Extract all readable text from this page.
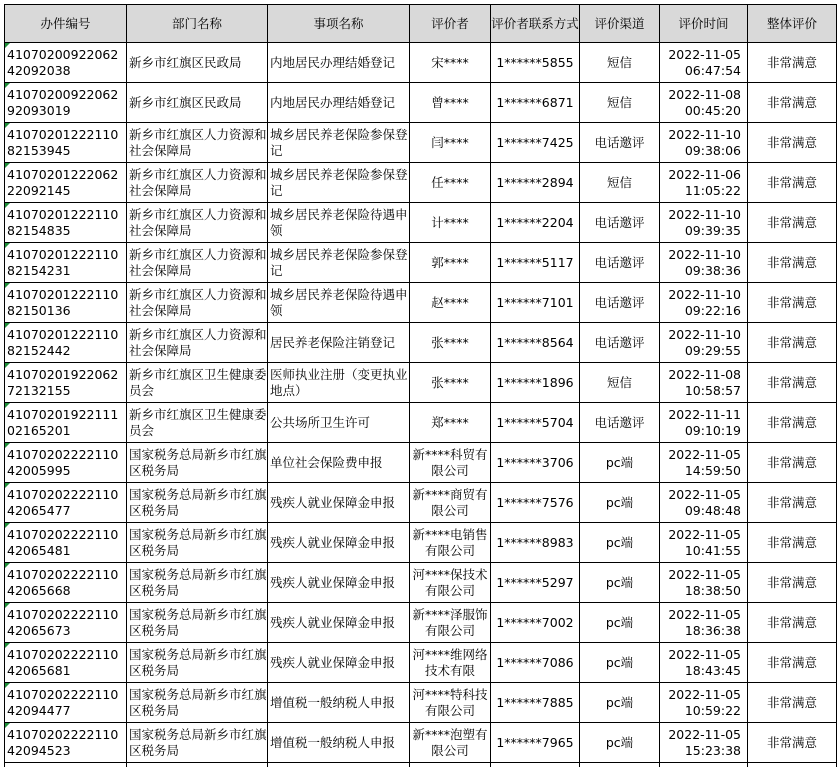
办件编号	部门名称	事项名称	评价者	评价者联系方式	评价渠道	评价时间	整体评价
4107020092206242092038	新乡市红旗区民政局	内地居民办理结婚登记	宋****	1******5855	短信	2022-11-05 06:47:54	非常满意
4107020092206292093019	新乡市红旗区民政局	内地居民办理结婚登记	曾****	1******6871	短信	2022-11-08 00:45:20	非常满意
4107020122211082153945	新乡市红旗区人力资源和社会保障局	城乡居民养老保险参保登记	闫****	1******7425	电话邀评	2022-11-10 09:38:06	非常满意
4107020122206222092145	新乡市红旗区人力资源和社会保障局	城乡居民养老保险参保登记	任****	1******2894	短信	2022-11-06 11:05:22	非常满意
4107020122211082154835	新乡市红旗区人力资源和社会保障局	城乡居民养老保险待遇申领	计****	1******2204	电话邀评	2022-11-10 09:39:35	非常满意
4107020122211082154231	新乡市红旗区人力资源和社会保障局	城乡居民养老保险参保登记	郭****	1******5117	电话邀评	2022-11-10 09:38:36	非常满意
4107020122211082150136	新乡市红旗区人力资源和社会保障局	城乡居民养老保险待遇申领	赵****	1******7101	电话邀评	2022-11-10 09:22:16	非常满意
4107020122211082152442	新乡市红旗区人力资源和社会保障局	居民养老保险注销登记	张****	1******8564	电话邀评	2022-11-10 09:29:55	非常满意
4107020192206272132155	新乡市红旗区卫生健康委员会	医师执业注册（变更执业地点）	张****	1******1896	短信	2022-11-08 10:58:57	非常满意
4107020192211102165201	新乡市红旗区卫生健康委员会	公共场所卫生许可	郑****	1******5704	电话邀评	2022-11-11 09:10:19	非常满意
4107020222211042005995	国家税务总局新乡市红旗区税务局	单位社会保险费申报	新****科贸有限公司	1******3706	pc端	2022-11-05 14:59:50	非常满意
4107020222211042065477	国家税务总局新乡市红旗区税务局	残疾人就业保障金申报	新****商贸有限公司	1******7576	pc端	2022-11-05 09:48:48	非常满意
4107020222211042065481	国家税务总局新乡市红旗区税务局	残疾人就业保障金申报	新****电销售有限公司	1******8983	pc端	2022-11-05 10:41:55	非常满意
4107020222211042065668	国家税务总局新乡市红旗区税务局	残疾人就业保障金申报	河****保技术有限公司	1******5297	pc端	2022-11-05 18:38:50	非常满意
4107020222211042065673	国家税务总局新乡市红旗区税务局	残疾人就业保障金申报	新****泽服饰有限公司	1******7002	pc端	2022-11-05 18:36:38	非常满意
4107020222211042065681	国家税务总局新乡市红旗区税务局	残疾人就业保障金申报	河****维网络技术有限	1******7086	pc端	2022-11-05 18:43:45	非常满意
4107020222211042094477	国家税务总局新乡市红旗区税务局	增值税一般纳税人申报	河****特科技有限公司	1******7885	pc端	2022-11-05 10:59:22	非常满意
4107020222211042094523	国家税务总局新乡市红旗区税务局	增值税一般纳税人申报	新****泡塑有限公司	1******7965	pc端	2022-11-05 15:23:38	非常满意
